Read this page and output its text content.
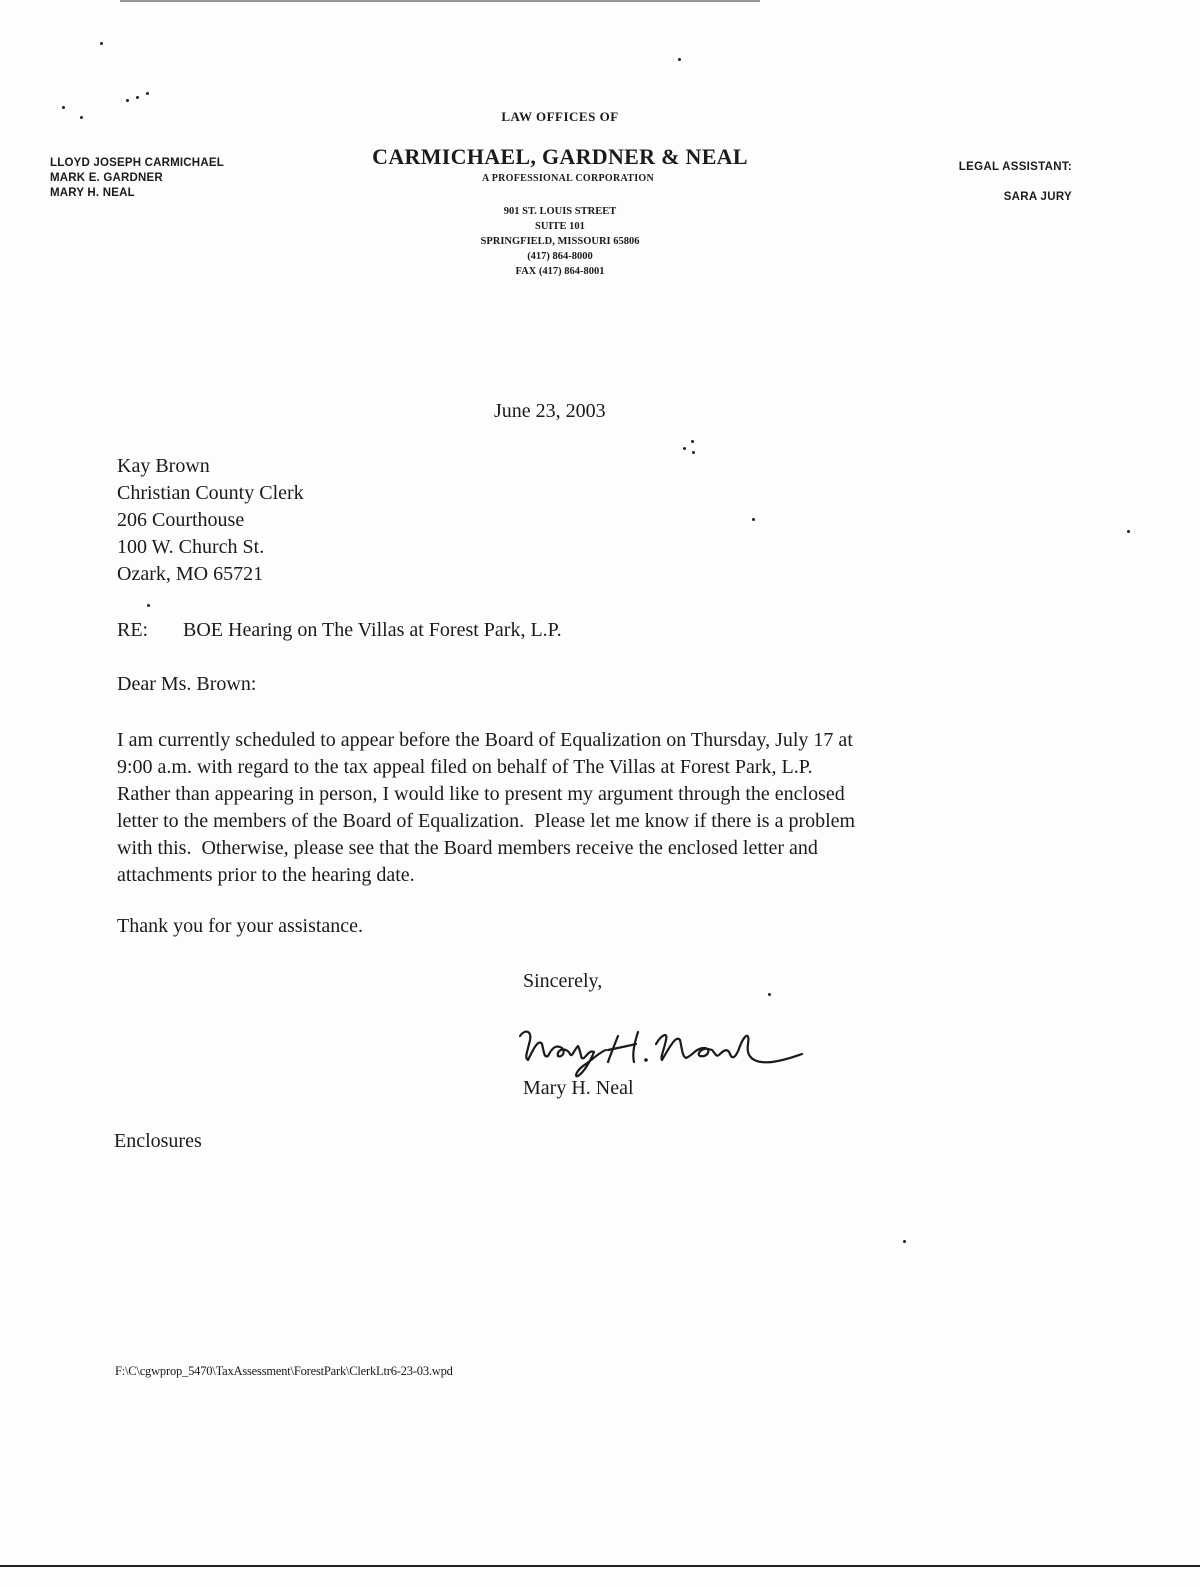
LLOYD JOSEPH CARMICHAEL
MARK E. GARDNER
MARY H. NEAL
LAW OFFICES OF
CARMICHAEL, GARDNER & NEAL
A PROFESSIONAL CORPORATION
901 ST. LOUIS STREET
SUITE 101
SPRINGFIELD, MISSOURI 65806
(417) 864-8000
FAX (417) 864-8001
LEGAL ASSISTANT:
SARA JURY
June 23, 2003
Kay Brown
Christian County Clerk
206 Courthouse
100 W. Church St.
Ozark, MO 65721
RE: BOE Hearing on The Villas at Forest Park, L.P.
Dear Ms. Brown:
I am currently scheduled to appear before the Board of Equalization on Thursday, July 17 at
9:00 a.m. with regard to the tax appeal filed on behalf of The Villas at Forest Park, L.P.
Rather than appearing in person, I would like to present my argument through the enclosed
letter to the members of the Board of Equalization.  Please let me know if there is a problem
with this.  Otherwise, please see that the Board members receive the enclosed letter and
attachments prior to the hearing date.
Thank you for your assistance.
Sincerely,
Mary H. Neal
Enclosures
F:\C\cgwprop_5470\TaxAssessment\ForestPark\ClerkLtr6-23-03.wpd
